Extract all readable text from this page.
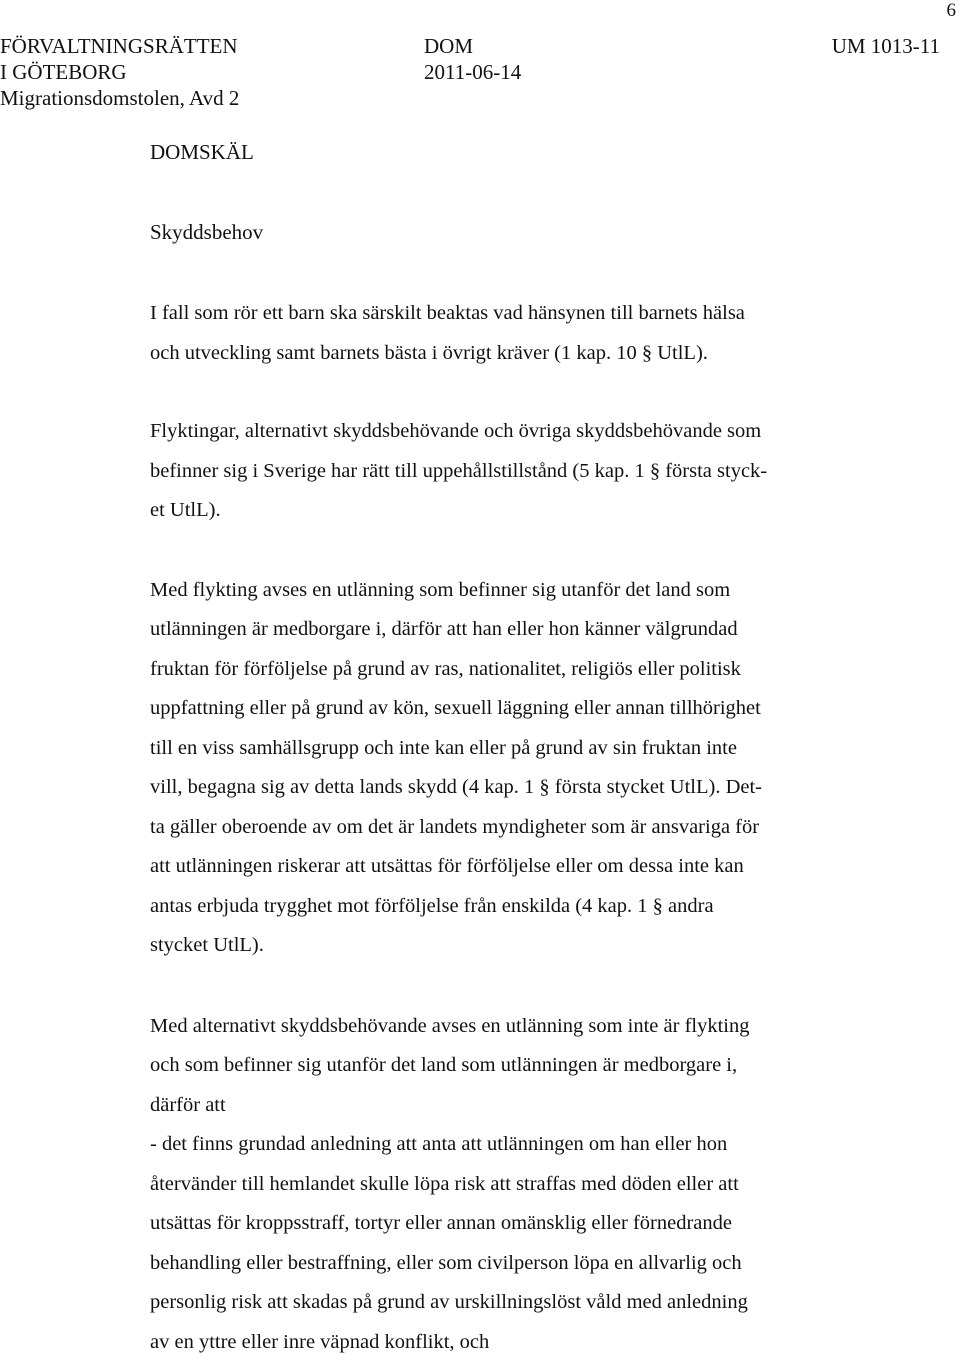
6
FÖRVALTNINGSRÄTTEN
I GÖTEBORG
Migrationsdomstolen, Avd 2
DOM
2011-06-14
UM 1013-11
DOMSKÄL
Skyddsbehov
I fall som rör ett barn ska särskilt beaktas vad hänsynen till barnets hälsa
och utveckling samt barnets bästa i övrigt kräver (1 kap. 10 § UtlL).
Flyktingar, alternativt skyddsbehövande och övriga skyddsbehövande som
befinner sig i Sverige har rätt till uppehållstillstånd (5 kap. 1 § första styck-
et UtlL).
Med flykting avses en utlänning som befinner sig utanför det land som
utlänningen är medborgare i, därför att han eller hon känner välgrundad
fruktan för förföljelse på grund av ras, nationalitet, religiös eller politisk
uppfattning eller på grund av kön, sexuell läggning eller annan tillhörighet
till en viss samhällsgrupp och inte kan eller på grund av sin fruktan inte
vill, begagna sig av detta lands skydd (4 kap. 1 § första stycket UtlL). Det-
ta gäller oberoende av om det är landets myndigheter som är ansvariga för
att utlänningen riskerar att utsättas för förföljelse eller om dessa inte kan
antas erbjuda trygghet mot förföljelse från enskilda (4 kap. 1 § andra
stycket UtlL).
Med alternativt skyddsbehövande avses en utlänning som inte är flykting
och som befinner sig utanför det land som utlänningen är medborgare i,
därför att
- det finns grundad anledning att anta att utlänningen om han eller hon
återvänder till hemlandet skulle löpa risk att straffas med döden eller att
utsättas för kroppsstraff, tortyr eller annan omänsklig eller förnedrande
behandling eller bestraffning, eller som civilperson löpa en allvarlig och
personlig risk att skadas på grund av urskillningslöst våld med anledning
av en yttre eller inre väpnad konflikt, och
